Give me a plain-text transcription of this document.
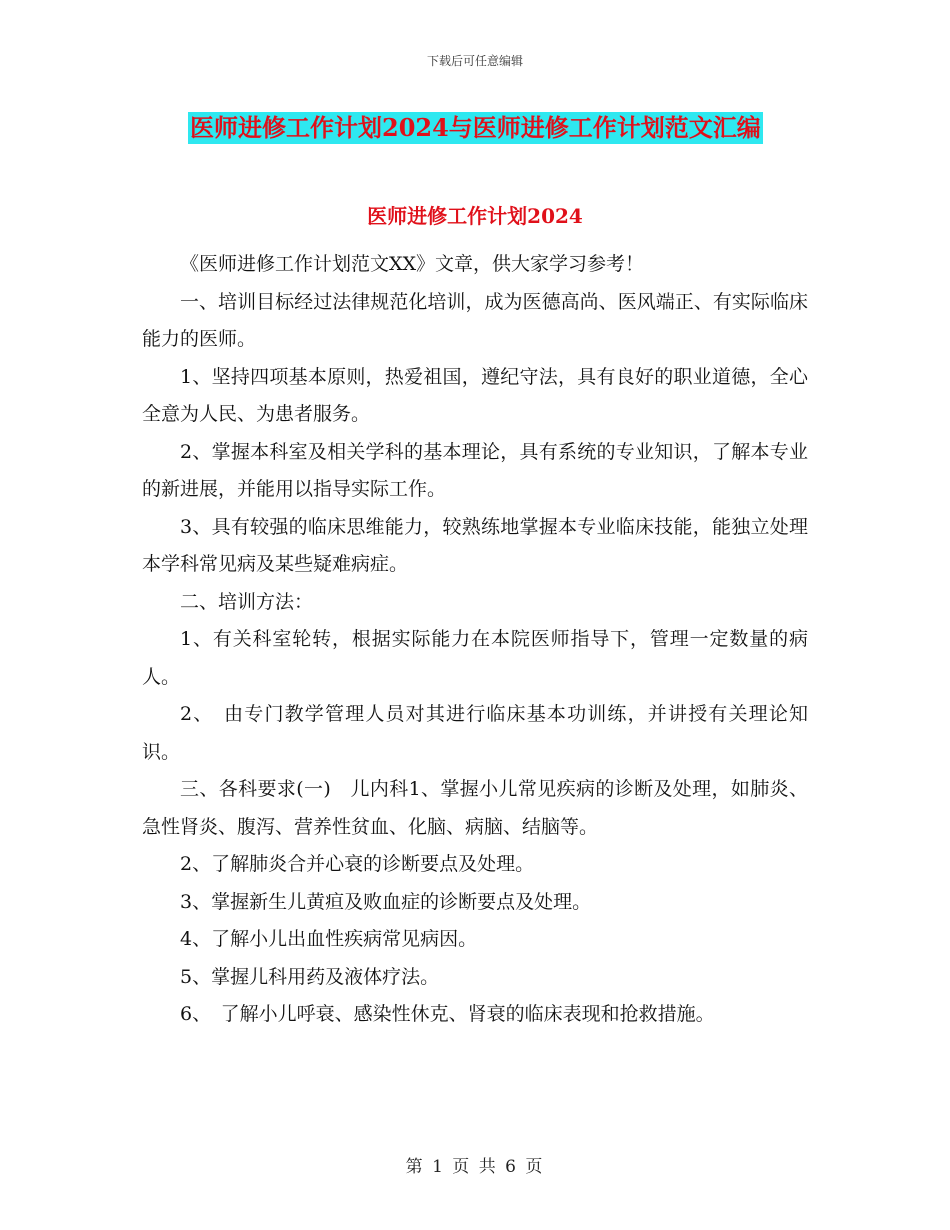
下载后可任意编辑
医师进修工作计划2024与医师进修工作计划范文汇编
医师进修工作计划2024

《医师进修工作计划范文XX》文章，供大家学习参考！

一、培训目标经过法律规范化培训，成为医德高尚、医风端正、有实际临床能力的医师。

1、坚持四项基本原则，热爱祖国，遵纪守法，具有良好的职业道德，全心全意为人民、为患者服务。

2、掌握本科室及相关学科的基本理论，具有系统的专业知识，了解本专业的新进展，并能用以指导实际工作。

3、具有较强的临床思维能力，较熟练地掌握本专业临床技能，能独立处理本学科常见病及某些疑难病症。

二、培训方法：

1、有关科室轮转，根据实际能力在本院医师指导下，管理一定数量的病人。

2、　由专门教学管理人员对其进行临床基本功训练，并讲授有关理论知识。

三、各科要求(一)　儿内科1、掌握小儿常见疾病的诊断及处理，如肺炎、急性肾炎、腹泻、营养性贫血、化脑、病脑、结脑等。

2、了解肺炎合并心衰的诊断要点及处理。

3、掌握新生儿黄疸及败血症的诊断要点及处理。

4、了解小儿出血性疾病常见病因。

5、掌握儿科用药及液体疗法。

6、　了解小儿呼衰、感染性休克、肾衰的临床表现和抢救措施。

第 1 页 共 6 页
